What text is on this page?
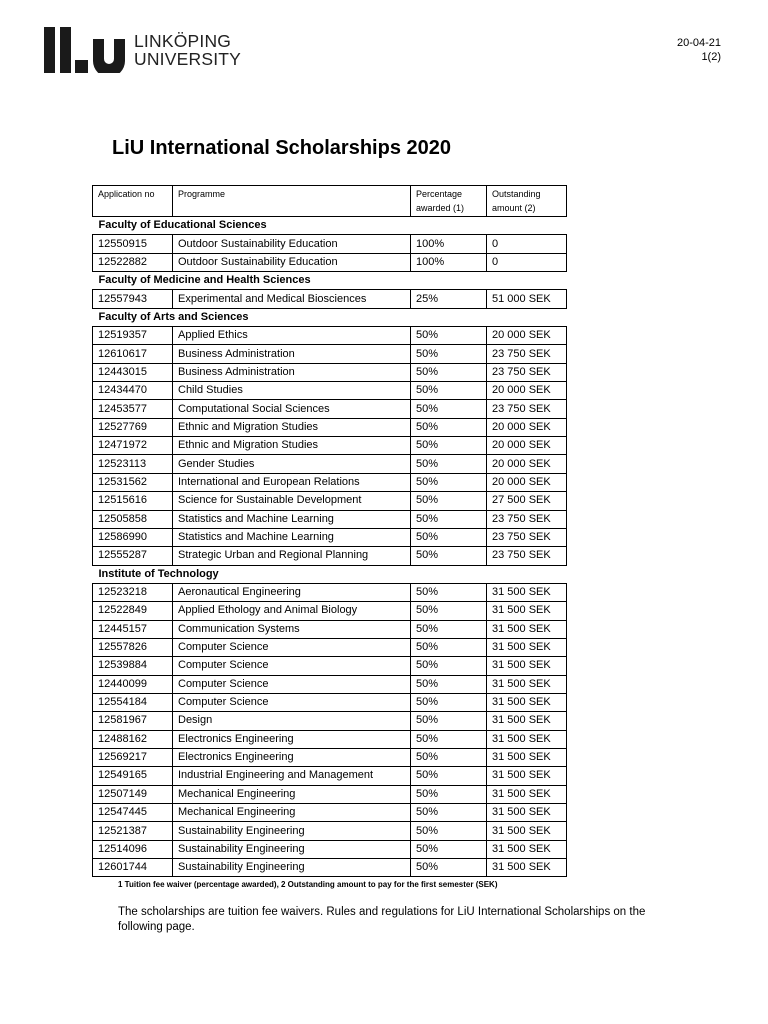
LINKÖPING
UNIVERSITY
20-04-21
1(2)
LiU International Scholarships 2020
Application no	Programme	Percentage awarded (1)	Outstanding amount (2)
Faculty of Educational Sciences			
12550915	Outdoor Sustainability Education	100%	0
12522882	Outdoor Sustainability Education	100%	0
Faculty of Medicine and Health Sciences			
12557943	Experimental and Medical Biosciences	25%	51 000 SEK
Faculty of Arts and Sciences			
12519357	Applied Ethics	50%	20 000 SEK
12610617	Business Administration	50%	23 750 SEK
12443015	Business Administration	50%	23 750 SEK
12434470	Child Studies	50%	20 000 SEK
12453577	Computational Social Sciences	50%	23 750 SEK
12527769	Ethnic and Migration Studies	50%	20 000 SEK
12471972	Ethnic and Migration Studies	50%	20 000 SEK
12523113	Gender Studies	50%	20 000 SEK
12531562	International and European Relations	50%	20 000 SEK
12515616	Science for Sustainable Development	50%	27 500 SEK
12505858	Statistics and Machine Learning	50%	23 750 SEK
12586990	Statistics and Machine Learning	50%	23 750 SEK
12555287	Strategic Urban and Regional Planning	50%	23 750 SEK
Institute of Technology			
12523218	Aeronautical Engineering	50%	31 500 SEK
12522849	Applied Ethology and Animal Biology	50%	31 500 SEK
12445157	Communication Systems	50%	31 500 SEK
12557826	Computer Science	50%	31 500 SEK
12539884	Computer Science	50%	31 500 SEK
12440099	Computer Science	50%	31 500 SEK
12554184	Computer Science	50%	31 500 SEK
12581967	Design	50%	31 500 SEK
12488162	Electronics Engineering	50%	31 500 SEK
12569217	Electronics Engineering	50%	31 500 SEK
12549165	Industrial Engineering and Management	50%	31 500 SEK
12507149	Mechanical Engineering	50%	31 500 SEK
12547445	Mechanical Engineering	50%	31 500 SEK
12521387	Sustainability Engineering	50%	31 500 SEK
12514096	Sustainability Engineering	50%	31 500 SEK
12601744	Sustainability Engineering	50%	31 500 SEK
1 Tuition fee waiver (percentage awarded), 2 Outstanding amount to pay for the first semester (SEK)
The scholarships are tuition fee waivers. Rules and regulations for LiU International Scholarships on the following page.
